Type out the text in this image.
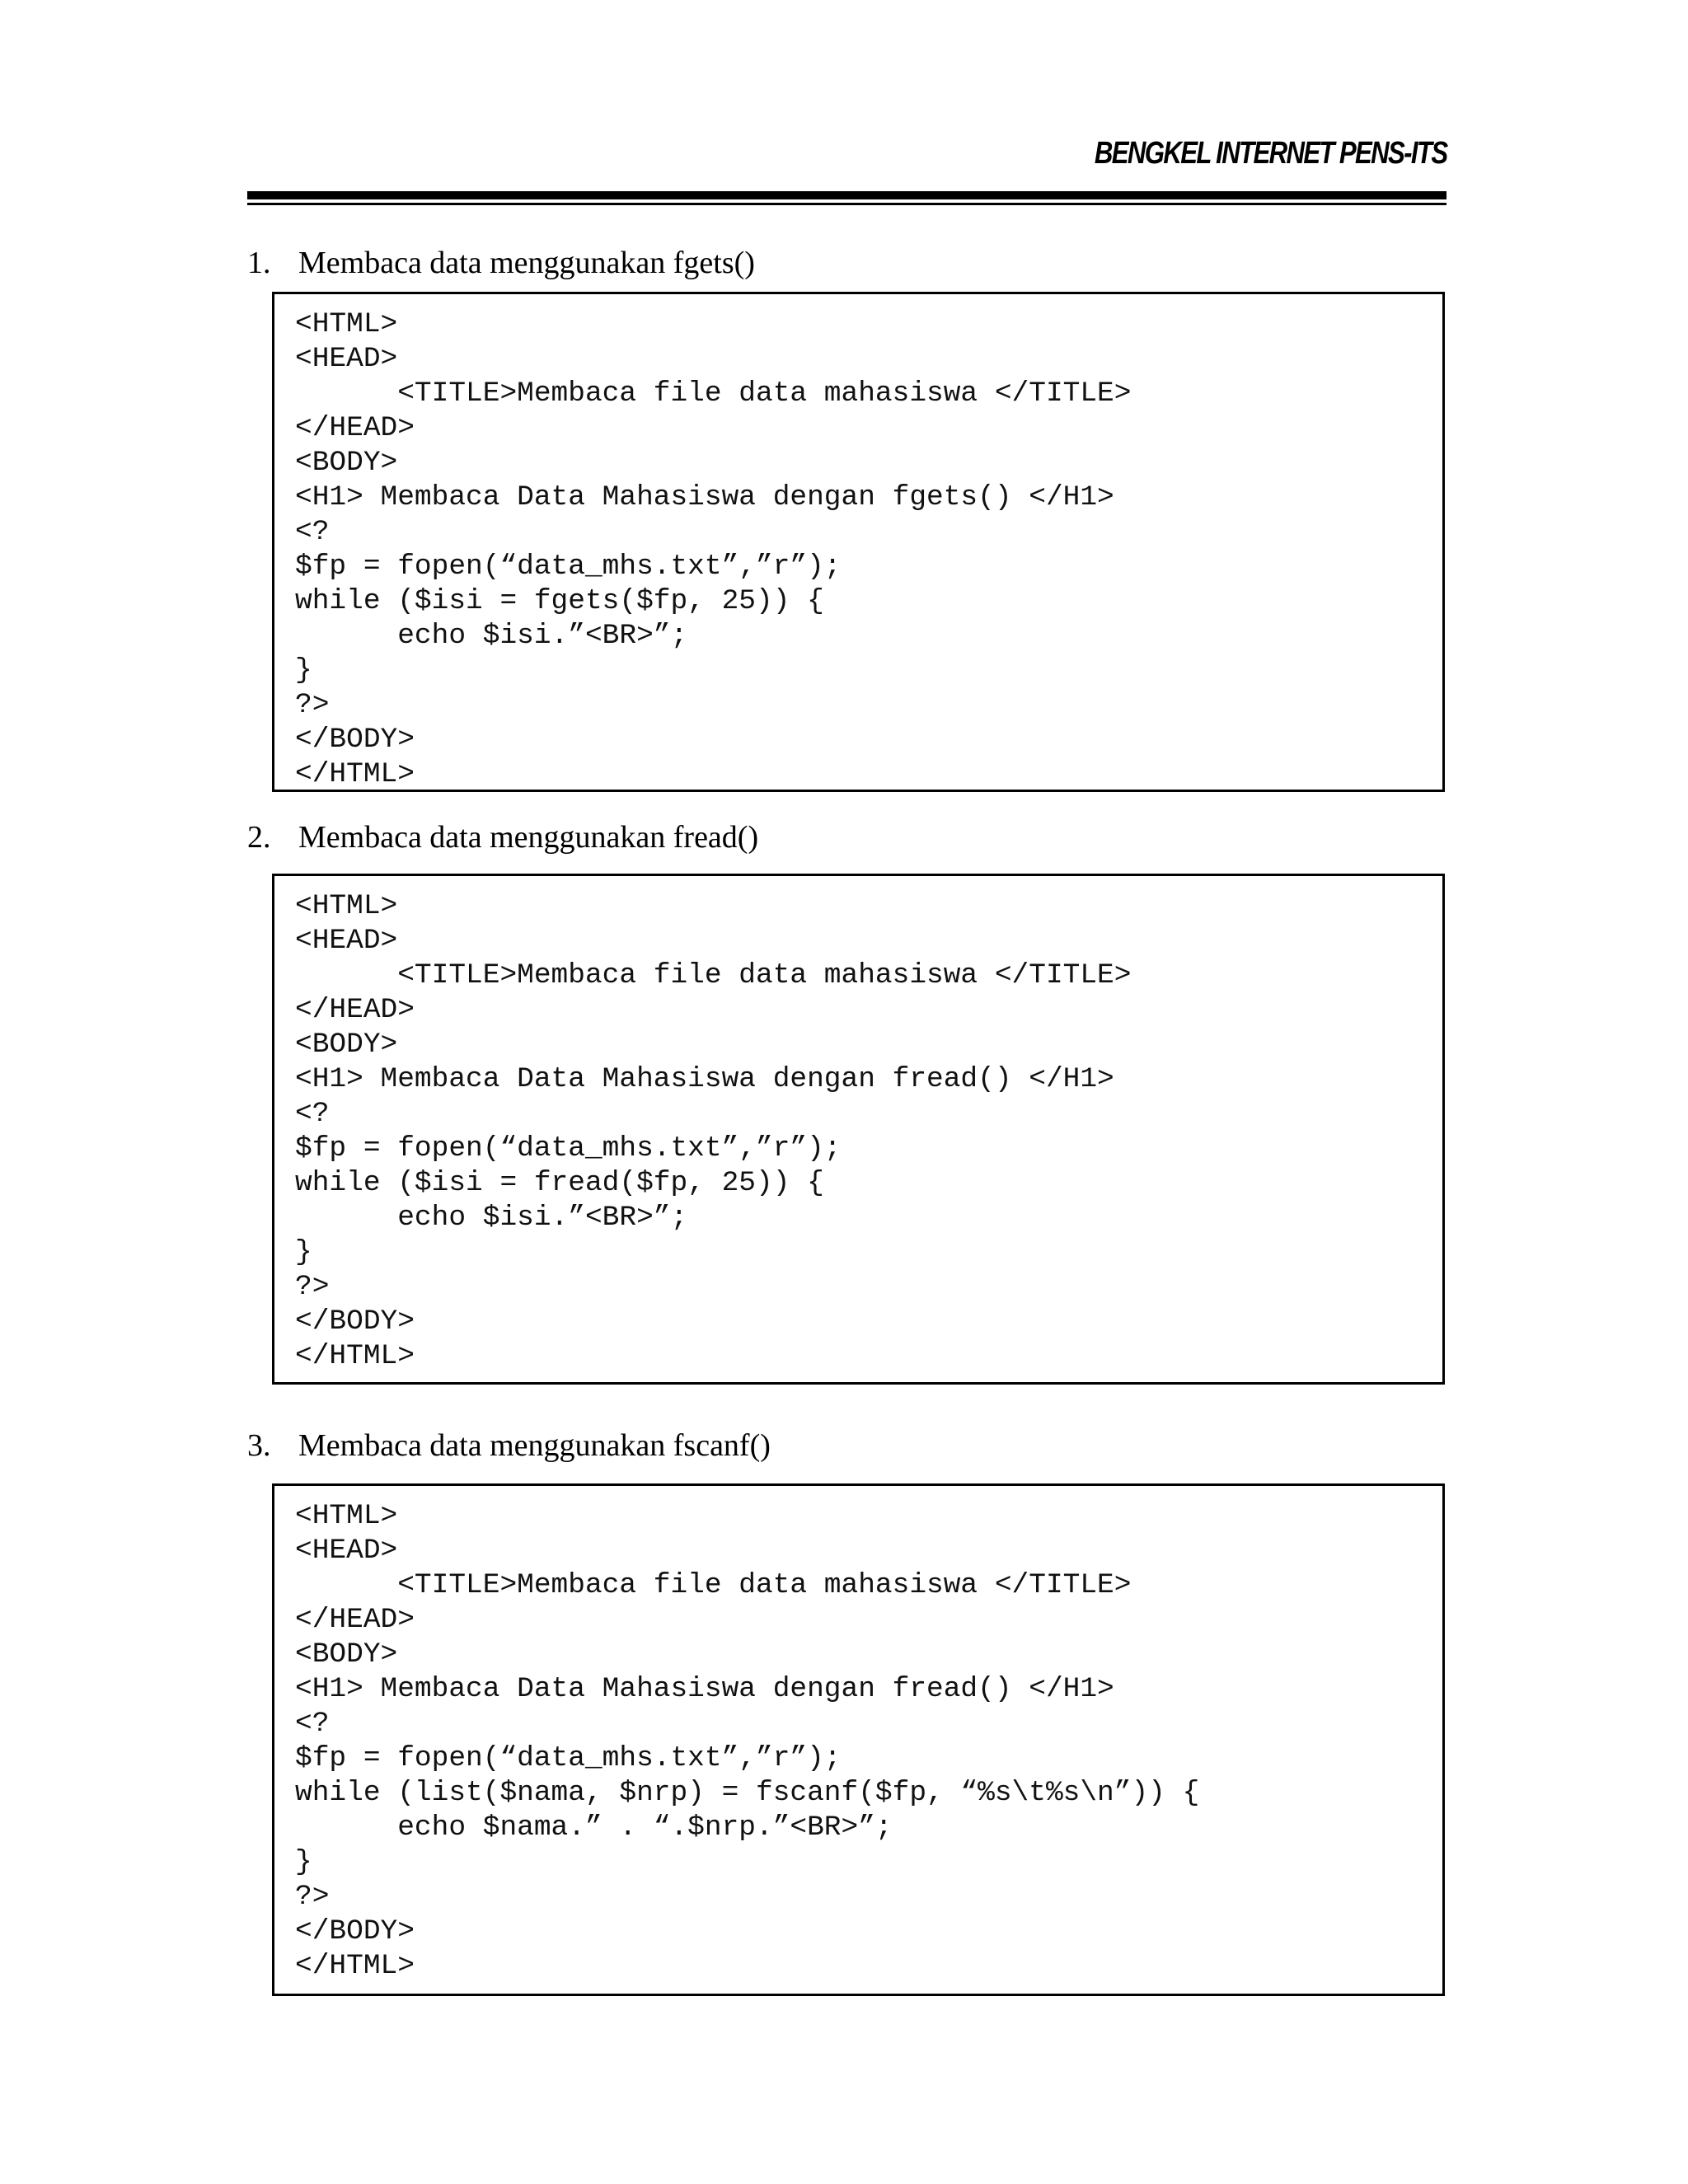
BENGKEL INTERNET PENS-ITS
1. Membaca data menggunakan fgets()
<HTML>
<HEAD>
<TITLE>Membaca file data mahasiswa </TITLE>
</HEAD>
<BODY>
<H1> Membaca Data Mahasiswa dengan fgets() </H1>
<?
$fp = fopen(“data_mhs.txt”,”r”);
while ($isi = fgets($fp, 25)) {
echo $isi.”<BR>”;
}
?>
</BODY>
</HTML>
2. Membaca data menggunakan fread()
<HTML>
<HEAD>
<TITLE>Membaca file data mahasiswa </TITLE>
</HEAD>
<BODY>
<H1> Membaca Data Mahasiswa dengan fread() </H1>
<?
$fp = fopen(“data_mhs.txt”,”r”);
while ($isi = fread($fp, 25)) {
echo $isi.”<BR>”;
}
?>
</BODY>
</HTML>
3. Membaca data menggunakan fscanf()
<HTML>
<HEAD>
<TITLE>Membaca file data mahasiswa </TITLE>
</HEAD>
<BODY>
<H1> Membaca Data Mahasiswa dengan fread() </H1>
<?
$fp = fopen(“data_mhs.txt”,”r”);
while (list($nama, $nrp) = fscanf($fp, “%s\t%s\n”)) {
echo $nama.” . “.$nrp.”<BR>”;
}
?>
</BODY>
</HTML>
